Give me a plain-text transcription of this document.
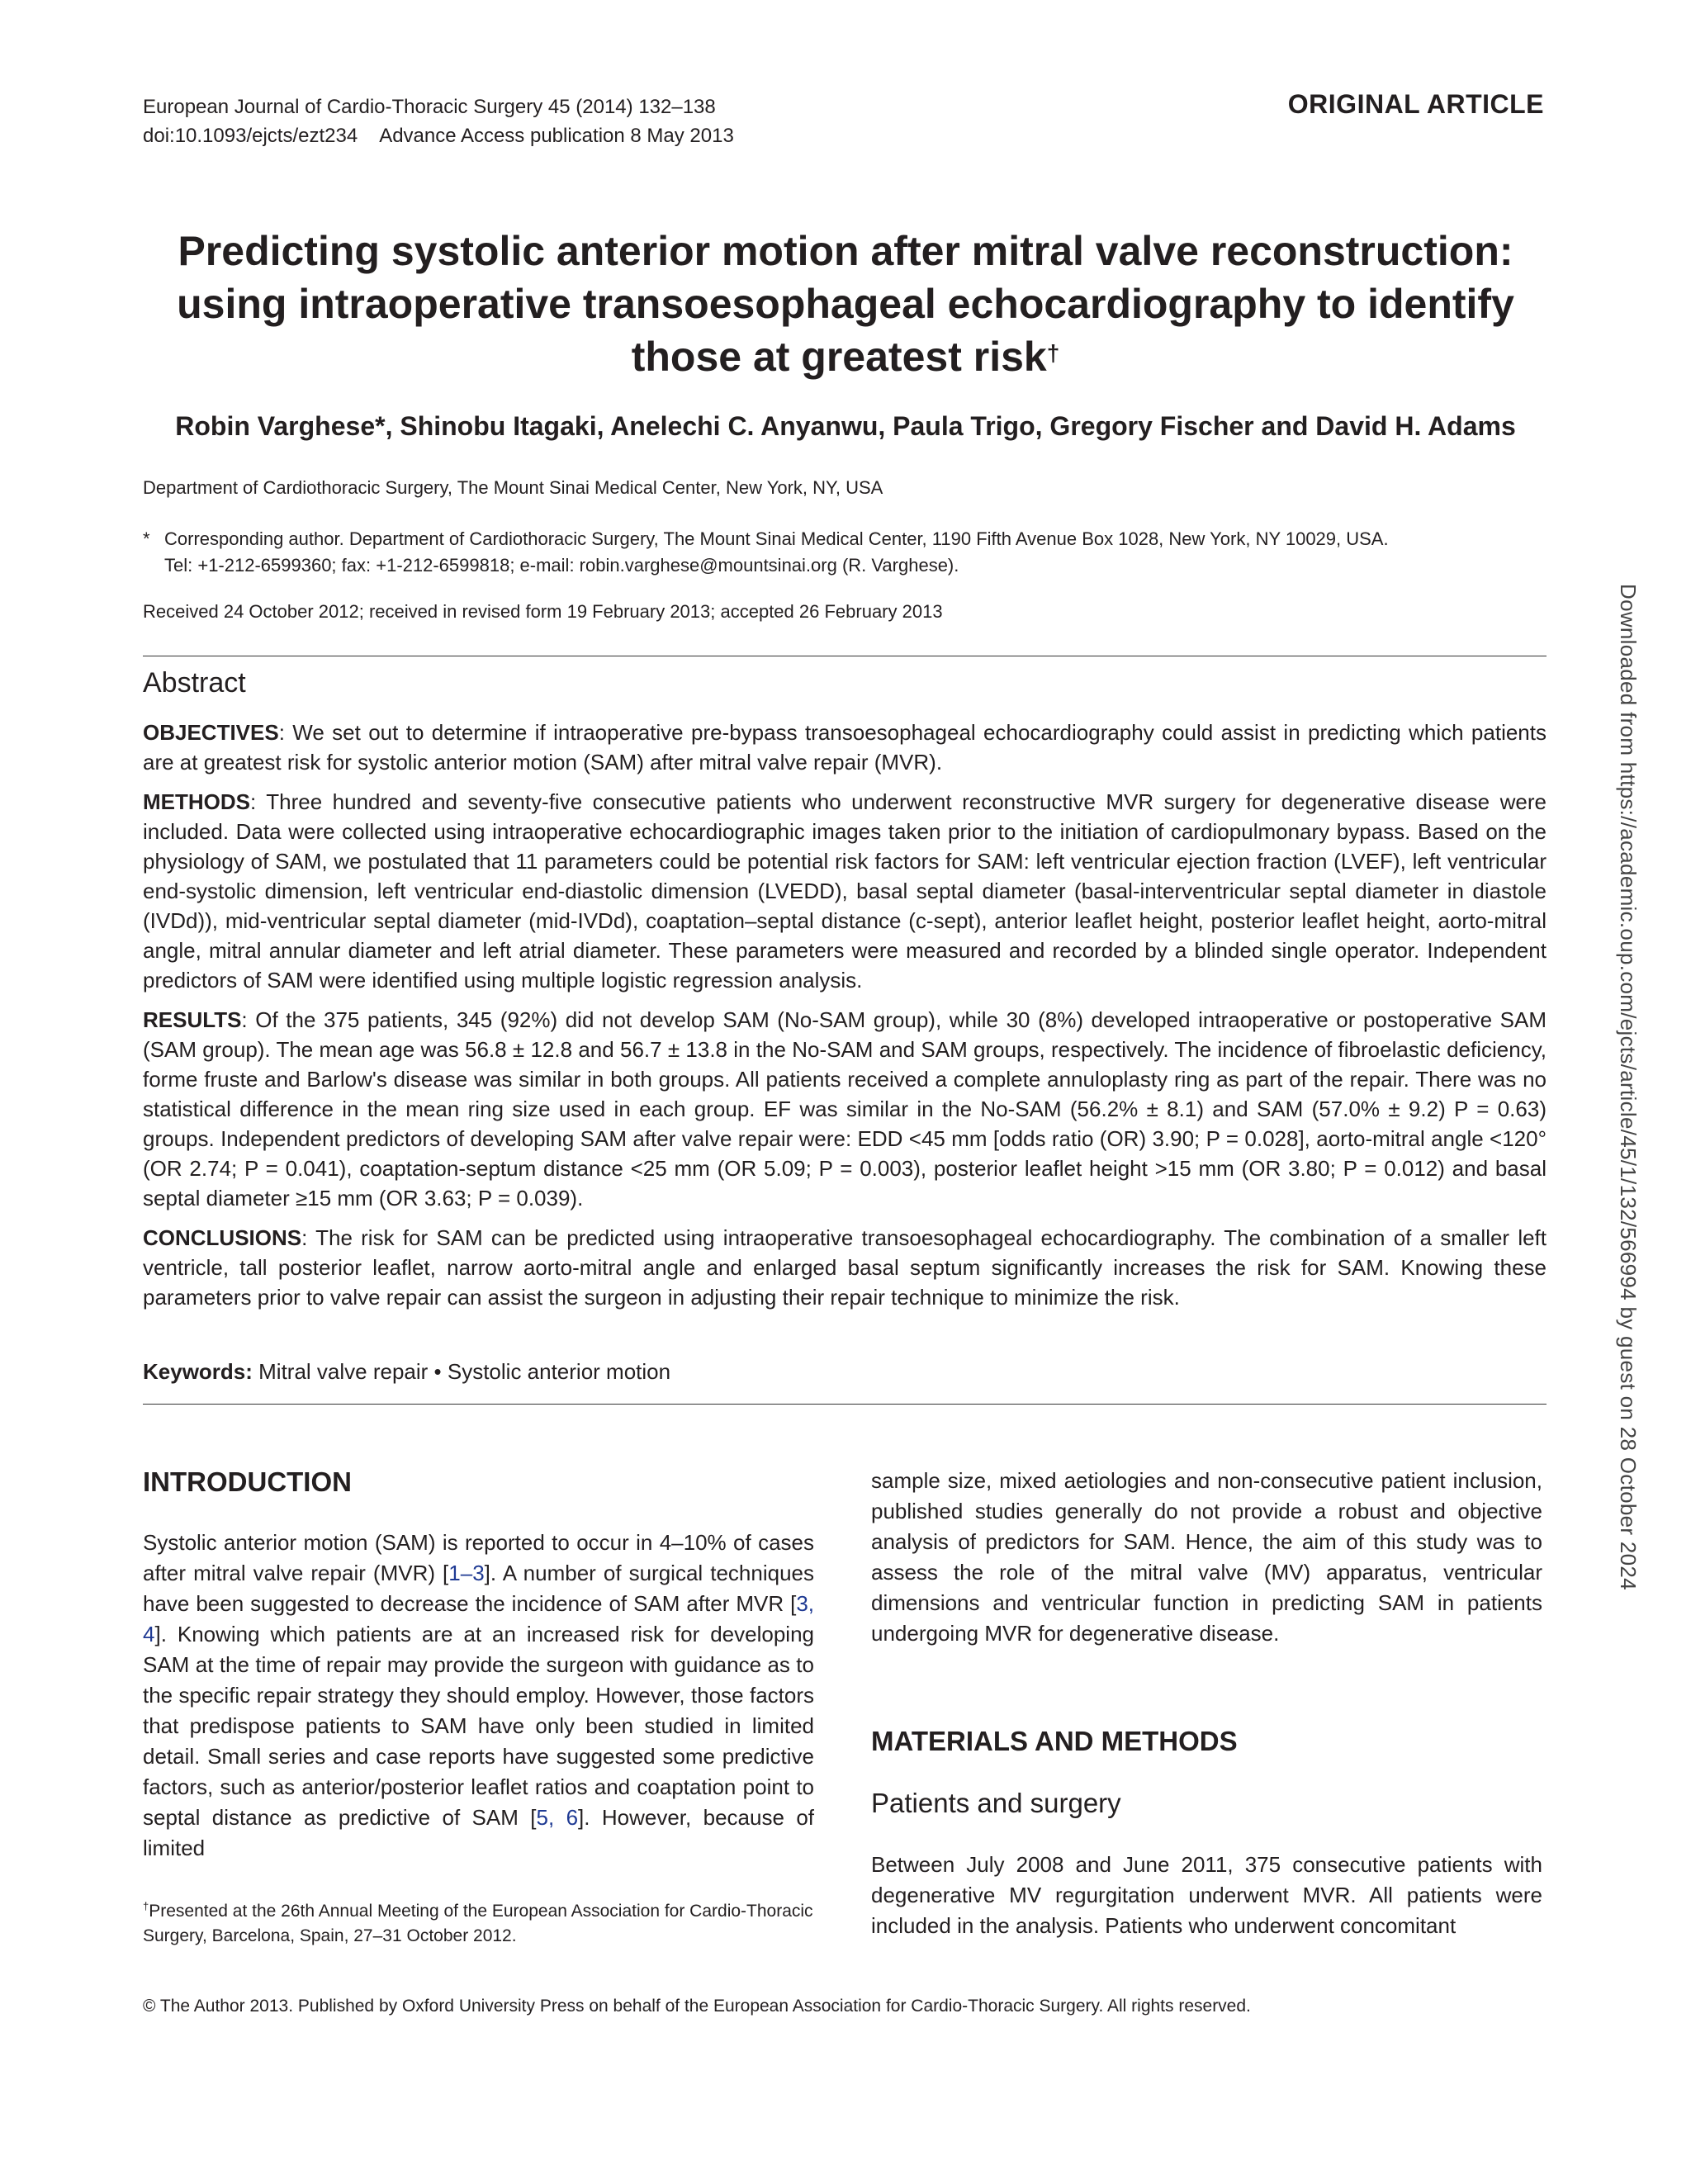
European Journal of Cardio-Thoracic Surgery 45 (2014) 132–138
doi:10.1093/ejcts/ezt234 Advance Access publication 8 May 2013
ORIGINAL ARTICLE
Predicting systolic anterior motion after mitral valve reconstruction:
using intraoperative transoesophageal echocardiography to identify
those at greatest risk†
Robin Varghese*, Shinobu Itagaki, Anelechi C. Anyanwu, Paula Trigo, Gregory Fischer and David H. Adams
Department of Cardiothoracic Surgery, The Mount Sinai Medical Center, New York, NY, USA
* Corresponding author. Department of Cardiothoracic Surgery, The Mount Sinai Medical Center, 1190 Fifth Avenue Box 1028, New York, NY 10029, USA.
Tel: +1-212-6599360; fax: +1-212-6599818; e-mail: robin.varghese@mountsinai.org (R. Varghese).
Received 24 October 2012; received in revised form 19 February 2013; accepted 26 February 2013
Abstract

OBJECTIVES: We set out to determine if intraoperative pre-bypass transoesophageal echocardiography could assist in predicting which patients are at greatest risk for systolic anterior motion (SAM) after mitral valve repair (MVR).

METHODS: Three hundred and seventy-five consecutive patients who underwent reconstructive MVR surgery for degenerative disease were included. Data were collected using intraoperative echocardiographic images taken prior to the initiation of cardiopulmonary bypass. Based on the physiology of SAM, we postulated that 11 parameters could be potential risk factors for SAM: left ventricular ejection fraction (LVEF), left ventricular end-systolic dimension, left ventricular end-diastolic dimension (LVEDD), basal septal diameter (basal-interventricular septal diameter in diastole (IVDd)), mid-ventricular septal diameter (mid-IVDd), coaptation–septal distance (c-sept), anterior leaflet height, posterior leaflet height, aorto-mitral angle, mitral annular diameter and left atrial diameter. These parameters were measured and recorded by a blinded single operator. Independent predictors of SAM were identified using multiple logistic regression analysis.

RESULTS: Of the 375 patients, 345 (92%) did not develop SAM (No-SAM group), while 30 (8%) developed intraoperative or postoperative SAM (SAM group). The mean age was 56.8 ± 12.8 and 56.7 ± 13.8 in the No-SAM and SAM groups, respectively. The incidence of fibroelastic deficiency, forme fruste and Barlow's disease was similar in both groups. All patients received a complete annuloplasty ring as part of the repair. There was no statistical difference in the mean ring size used in each group. EF was similar in the No-SAM (56.2% ± 8.1) and SAM (57.0% ± 9.2) P = 0.63) groups. Independent predictors of developing SAM after valve repair were: EDD <45 mm [odds ratio (OR) 3.90; P = 0.028], aorto-mitral angle <120° (OR 2.74; P = 0.041), coaptation-septum distance <25 mm (OR 5.09; P = 0.003), posterior leaflet height >15 mm (OR 3.80; P = 0.012) and basal septal diameter ≥15 mm (OR 3.63; P = 0.039).

CONCLUSIONS: The risk for SAM can be predicted using intraoperative transoesophageal echocardiography. The combination of a smaller left ventricle, tall posterior leaflet, narrow aorto-mitral angle and enlarged basal septum significantly increases the risk for SAM. Knowing these parameters prior to valve repair can assist the surgeon in adjusting their repair technique to minimize the risk.

Keywords: Mitral valve repair • Systolic anterior motion
INTRODUCTION

Systolic anterior motion (SAM) is reported to occur in 4–10% of cases after mitral valve repair (MVR) [1–3]. A number of surgical techniques have been suggested to decrease the incidence of SAM after MVR [3, 4]. Knowing which patients are at an increased risk for developing SAM at the time of repair may provide the surgeon with guidance as to the specific repair strategy they should employ. However, those factors that predispose patients to SAM have only been studied in limited detail. Small series and case reports have suggested some predictive factors, such as anterior/posterior leaflet ratios and coaptation point to septal distance as predictive of SAM [5, 6]. However, because of limited

†Presented at the 26th Annual Meeting of the European Association for Cardio-Thoracic Surgery, Barcelona, Spain, 27–31 October 2012.

sample size, mixed aetiologies and non-consecutive patient inclusion, published studies generally do not provide a robust and objective analysis of predictors for SAM. Hence, the aim of this study was to assess the role of the mitral valve (MV) apparatus, ventricular dimensions and ventricular function in predicting SAM in patients undergoing MVR for degenerative disease.

MATERIALS AND METHODS
Patients and surgery

Between July 2008 and June 2011, 375 consecutive patients with degenerative MV regurgitation underwent MVR. All patients were included in the analysis. Patients who underwent concomitant

© The Author 2013. Published by Oxford University Press on behalf of the European Association for Cardio-Thoracic Surgery. All rights reserved.
Downloaded from https://academic.oup.com/ejcts/article/45/1/132/566994 by guest on 28 October 2024
